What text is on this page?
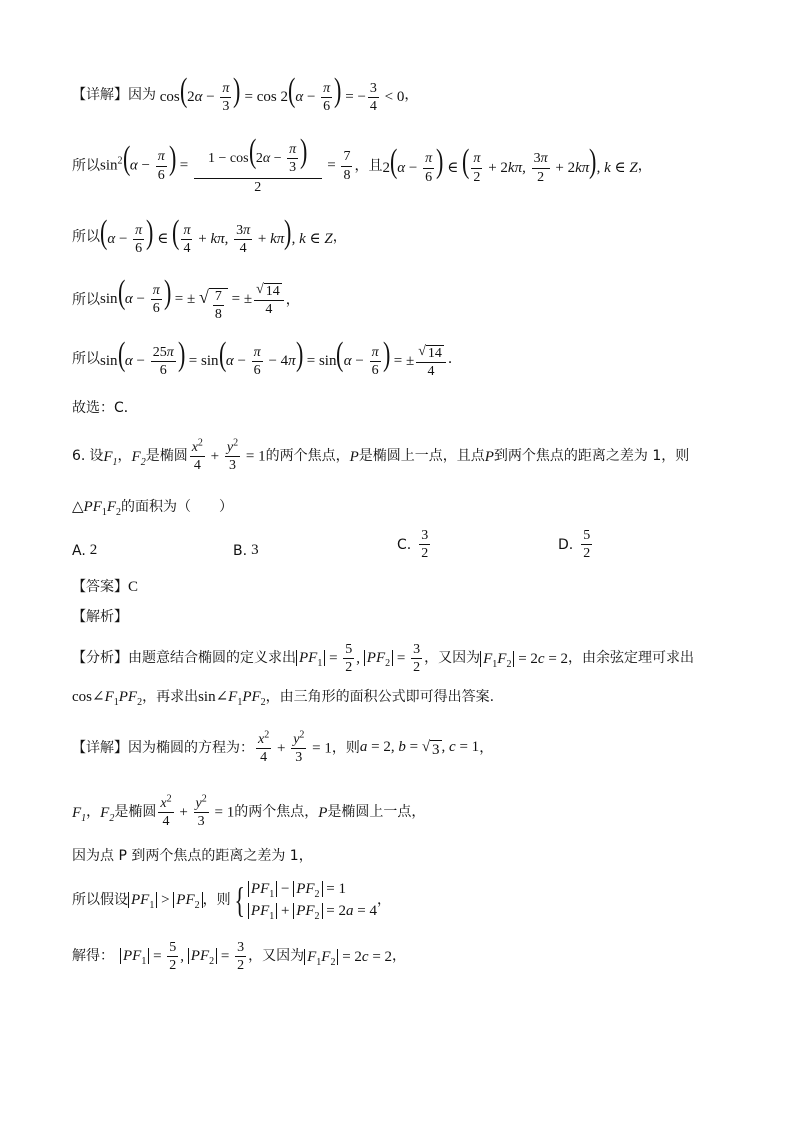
【详解】 因为 $\cos(2\alpha - \frac{\pi}{3}$ ) = $\cos 2(\alpha - \frac{\pi}{6}$ ) = − $\frac{3}{4} < 0$ ，
所以 $\sin^2(\alpha - \frac{\pi}{6}$ ) = $\frac{1 - \cos(2\alpha - \frac{\pi}{3} )}{2} = \frac{7}{8}$ ，且 $2(\alpha - \frac{\pi}{6}$ ) ∈ ( $\frac{\pi}{2} + 2k\pi$, $\frac{3\pi}{2} + 2k\pi$), k ∈ Z ，
所以 ($\alpha - \frac{\pi}{6}$ ) ∈ ( $\frac{\pi}{4} + k\pi$, $\frac{3\pi}{4} + k\pi$), k ∈ Z ，
所以 $\sin(\alpha - \frac{\pi}{6}$ ) = ± √ $\frac{7}{8}$ = ± $\frac{√ 14}{4}$ ，
所以 $\sin(\alpha - \frac{25\pi}{6}$ ) = $\sin(\alpha - \frac{\pi}{6} - 4\pi) = \sin(\alpha - \frac{\pi}{6}$ ) = ± $\frac{√ 14}{4}$ ．
故选：C．
6. 设 $F_1$ ， $F_2$ 是椭圆 $\frac{x^2}{4} + \frac{y^2}{3} = 1$ 的两个焦点， P 是椭圆上一点，且点 P 到两个焦点的距离之差为 1，则
$\triangle PF_1F_2$ 的面积为（　　）
A. 2	B. 3	C. $\frac{3}{2}$	D. $\frac{5}{2}$
【答案】 C
【解析】
【分析】 由题意结合椭圆的定义求出 $PF_1 = \frac{5}{2}$ , $PF_2 = \frac{3}{2}$ ，又因为 $F_1F_2 = 2c = 2$ ，由余弦定理可求出
$\cos\angle F_1PF_2$ ，再求出 $\sin\angle F_1PF_2$ ，由三角形的面积公式即可得出答案.
【详解】 因为椭圆的方程为： $\frac{x^2}{4} + \frac{y^2}{3} = 1$ ，则 a = 2, b = √ 3 , c = 1 ，
$F_1$ ， $F_2$ 是椭圆 $\frac{x^2}{4} + \frac{y^2}{3} = 1$ 的两个焦点， P 是椭圆上一点，
因为点 P 到两个焦点的距离之差为 1，
所以假设 $PF_1 > PF_2$ ，则 { $PF_1 - PF_2 = 1$
$PF_1 + PF_2 = 2a = 4$
，
解得： $PF_1 = \frac{5}{2}$ , $PF_2 = \frac{3}{2}$ ，又因为 $F_1F_2 = 2c = 2$ ，
